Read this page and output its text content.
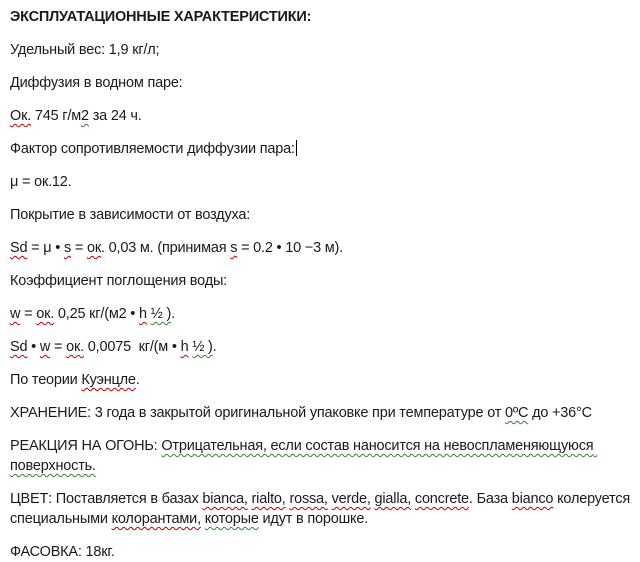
ЭКСПЛУАТАЦИОННЫЕ ХАРАКТЕРИСТИКИ:

Удельный вес: 1,9 кг/л;

Диффузия в водном паре:

Ок. 745 г/м2 за 24 ч.

Фактор сопротивляемости диффузии пара:

μ = ок.12.

Покрытие в зависимости от воздуха:

Sd = μ • s = ок. 0,03 м. (принимая s = 0.2 • 10 −3 м).

Коэффициент поглощения воды:

w = ок. 0,25 кг/(м2 • h ½ ).

Sd • w = ок. 0,0075  кг/(м • h ½ ).

По теории Куэнцле.

ХРАНЕНИЕ: 3 года в закрытой оригинальной упаковке при температуре от 0ºС до +36°С

РЕАКЦИЯ НА ОГОНЬ: Отрицательная, если состав наносится на невоспламеняющуюся поверхность.

ЦВЕТ: Поставляется в базах bianca, rialto, rossa, verde, gialla, concrete. База bianco колеруется специальными колорантами, которые идут в порошке.

ФАСОВКА: 18кг.
